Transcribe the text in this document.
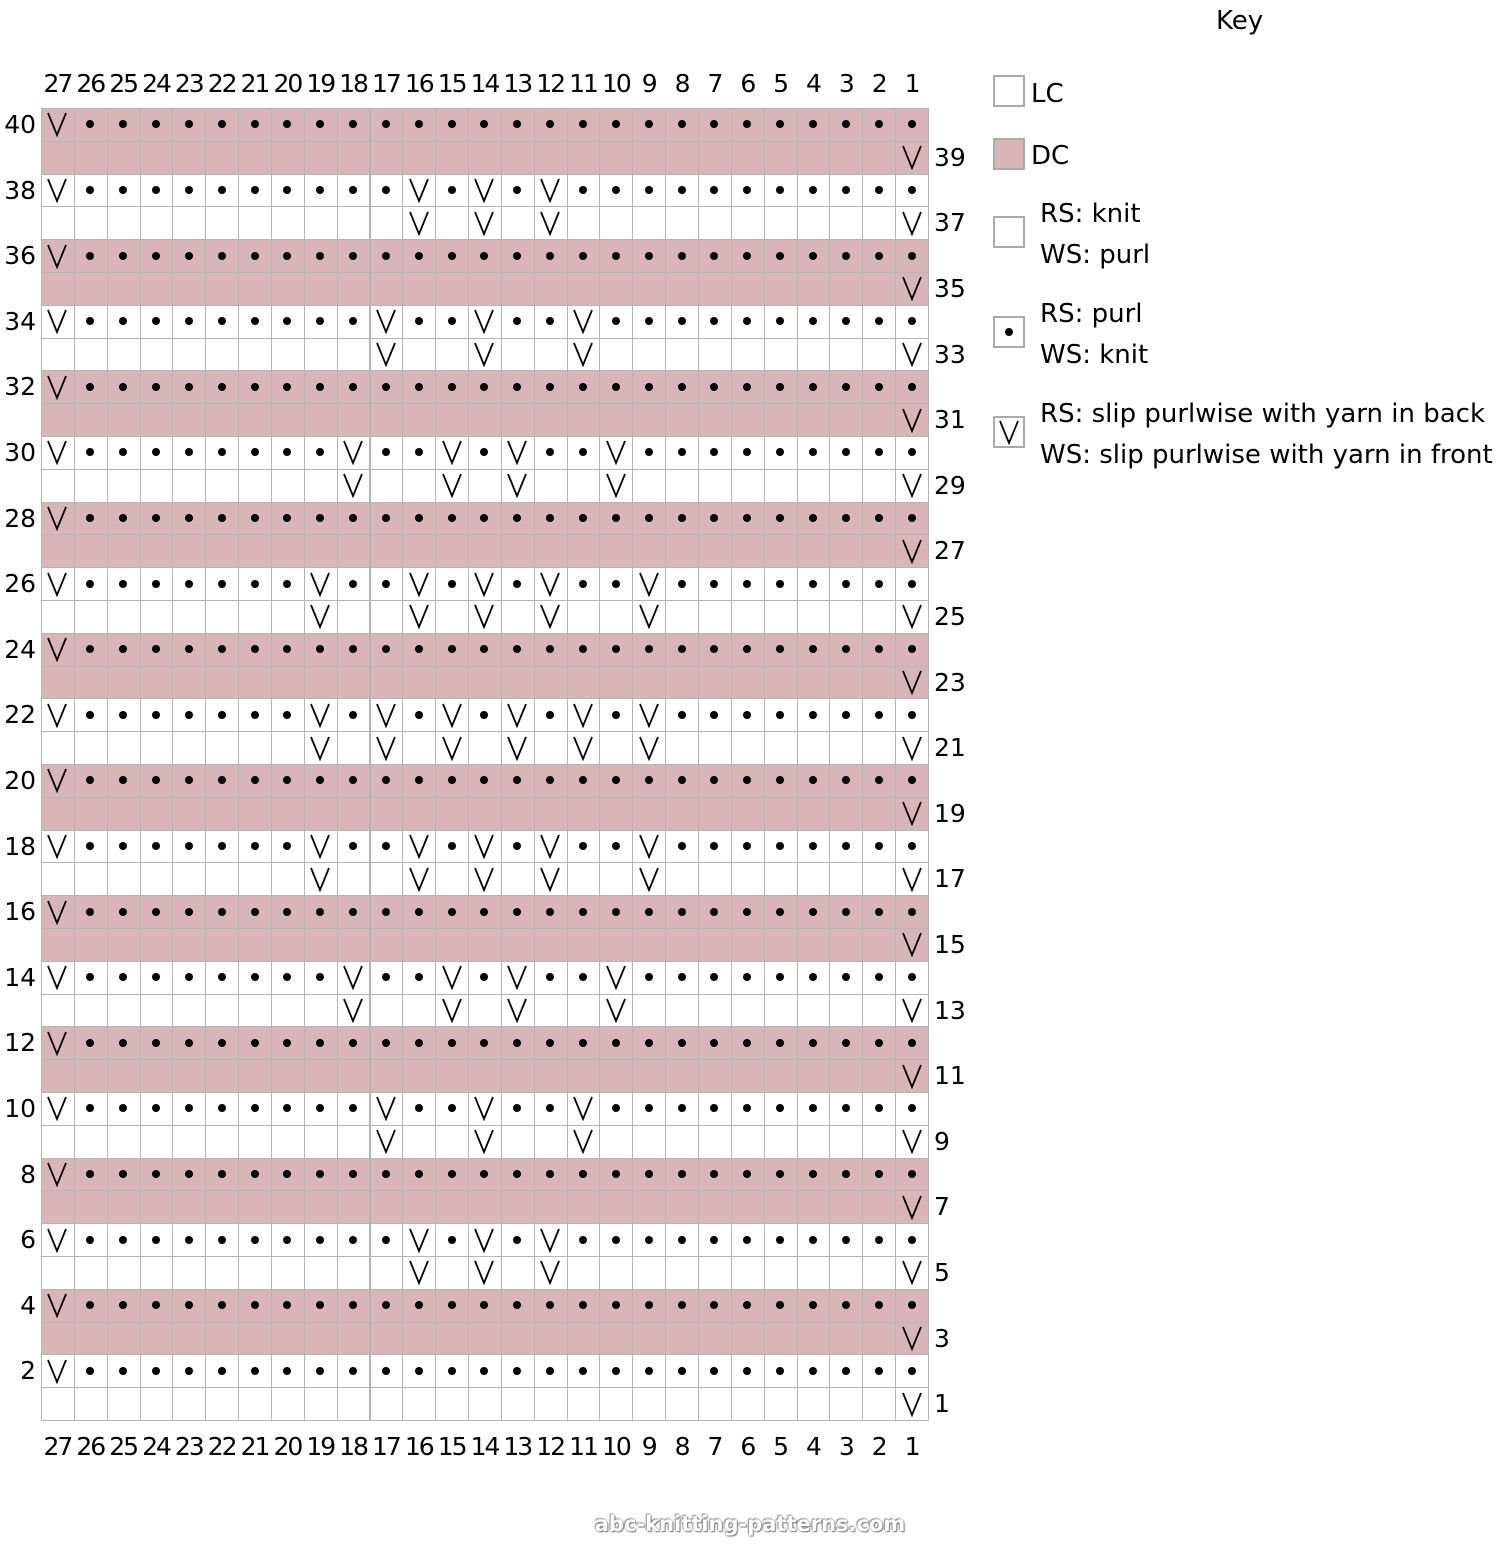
1
2
3
4
5
6
7
8
9
10
11
12
13
14
15
16
17
18
19
20
21
22
23
24
25
26
27
28
29
30
31
32
33
34
35
36
37
38
39
40
27
27
26
26
25
25
24
24
23
23
22
22
21
21
20
20
19
19
18
18
17
17
16
16
15
15
14
14
13
13
12
12
11
11
10
10
9
9
8
8
7
7
6
6
5
5
4
4
3
3
2
2
1
1
Key
LC
DC
RS: knit
WS: purl
RS: purl
WS: knit
RS: slip purlwise with yarn in back
WS: slip purlwise with yarn in front
abc-knitting-patterns.com
